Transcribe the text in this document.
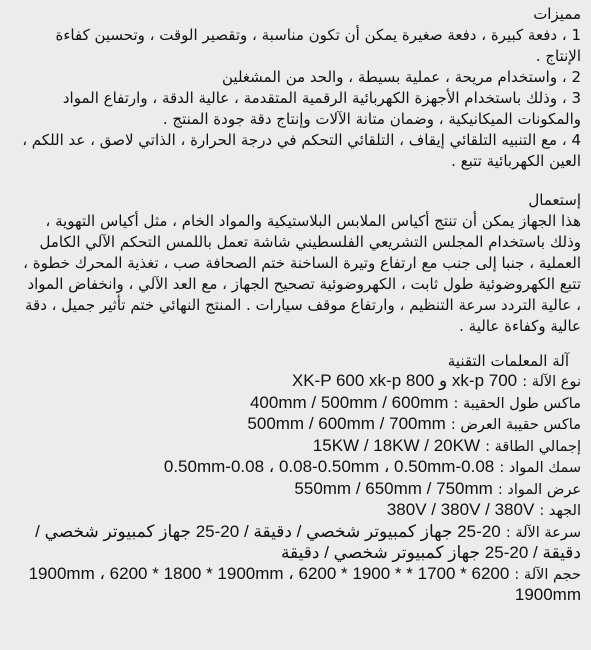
مميزات

1 ، دفعة كبيرة ، دفعة صغيرة يمكن أن تكون مناسبة ، وتقصير الوقت ، وتحسين كفاءة الإنتاج .

2 ، واستخدام مريحة ، عملية بسيطة ، والحد من المشغلين

3 ، وذلك باستخدام الأجهزة الكهربائية الرقمية المتقدمة ، عالية الدقة ، وارتفاع المواد والمكونات الميكانيكية ، وضمان متانة الآلات وإنتاج دقة جودة المنتج .

4 ، مع التنبيه التلقائي إيقاف ، التلقائي التحكم في درجة الحرارة ، الذاتي لاصق ، عد اللكم ، العين الكهربائية تتبع .

إستعمال

هذا الجهاز يمكن أن تنتج أكياس الملابس البلاستيكية والمواد الخام ، مثل أكياس التهوية ، وذلك باستخدام المجلس التشريعي الفلسطيني شاشة تعمل باللمس التحكم الآلي الكامل العملية ، جنبا إلى جنب مع ارتفاع وتيرة الساخنة ختم الصحافة صب ، تغذية المحرك خطوة ، تتبع الكهروضوئية طول ثابت ، الكهروضوئية تصحيح الجهاز ، مع العد الآلي ، وانخفاض المواد ، عالية التردد سرعة التنظيم ، وارتفاع موقف سيارات . المنتج النهائي ختم تأثير جميل ، دقة عالية وكفاءة عالية .

آلة المعلمات التقنية

نوع الآلة : xk-p 700 و XK-P 600 xk-p 800

ماكس طول الحقيبة : 400mm / 500mm / 600mm

ماكس حقيبة العرض : 500mm / 600mm / 700mm

إجمالي الطاقة : 15KW / 18KW / 20KW

سمك المواد : 0.08-0.50mm-0.08 ، 0.08-0.50mm ، 0.50mm

عرض المواد : 550mm / 650mm / 750mm

الجهد : 380V / 380V / 380V

سرعة الآلة : 20-25 جهاز كمبيوتر شخصي / دقيقة / 20-25 جهاز كمبيوتر شخصي / دقيقة / 20-25 جهاز كمبيوتر شخصي / دقيقة

حجم الآلة : 6200 * 1700 * 1900mm ، 6200 * 1800 * 1900mm ، 6200 * 1900 * 1900mm
